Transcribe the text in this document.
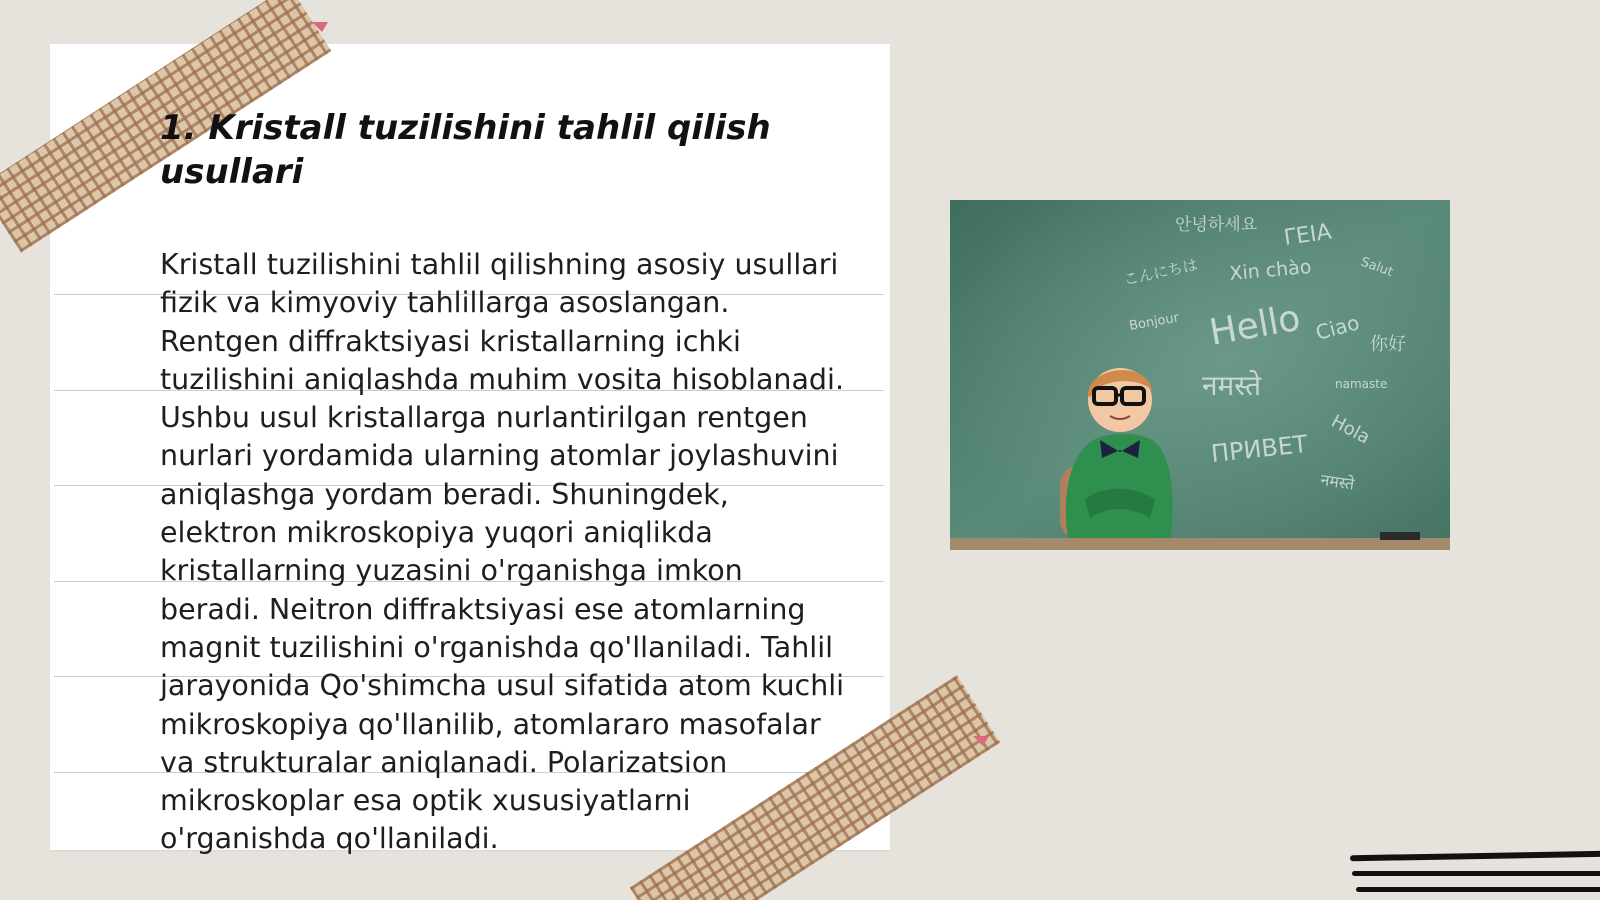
1. Kristall tuzilishini tahlil qilish usullari

Kristall tuzilishini tahlil qilishning asosiy usullari fizik va kimyoviy tahlillarga asoslangan. Rentgen diffraktsiyasi kristallarning ichki tuzilishini aniqlashda muhim vosita hisoblanadi. Ushbu usul kristallarga nurlantirilgan rentgen nurlari yordamida ularning atomlar joylashuvini aniqlashga yordam beradi. Shuningdek, elektron mikroskopiya yuqori aniqlikda kristallarning yuzasini o'rganishga imkon beradi. Neitron diffraktsiyasi ese atomlarning magnit tuzilishini o'rganishda qo'llaniladi. Tahlil jarayonida Qo'shimcha usul sifatida atom kuchli mikroskopiya qo'llanilib, atomlararo masofalar va strukturalar aniqlanadi. Polarizatsion mikroskoplar esa optik xususiyatlarni o'rganishda qo'llaniladi.

안녕하세요 ΓΕΙΑ
Hello
नमस्ते
ПРИВЕТ
こんにちは Xin chào
Ciao
Hola
你好
Salut
Bonjour
नमस्ते
namaste
